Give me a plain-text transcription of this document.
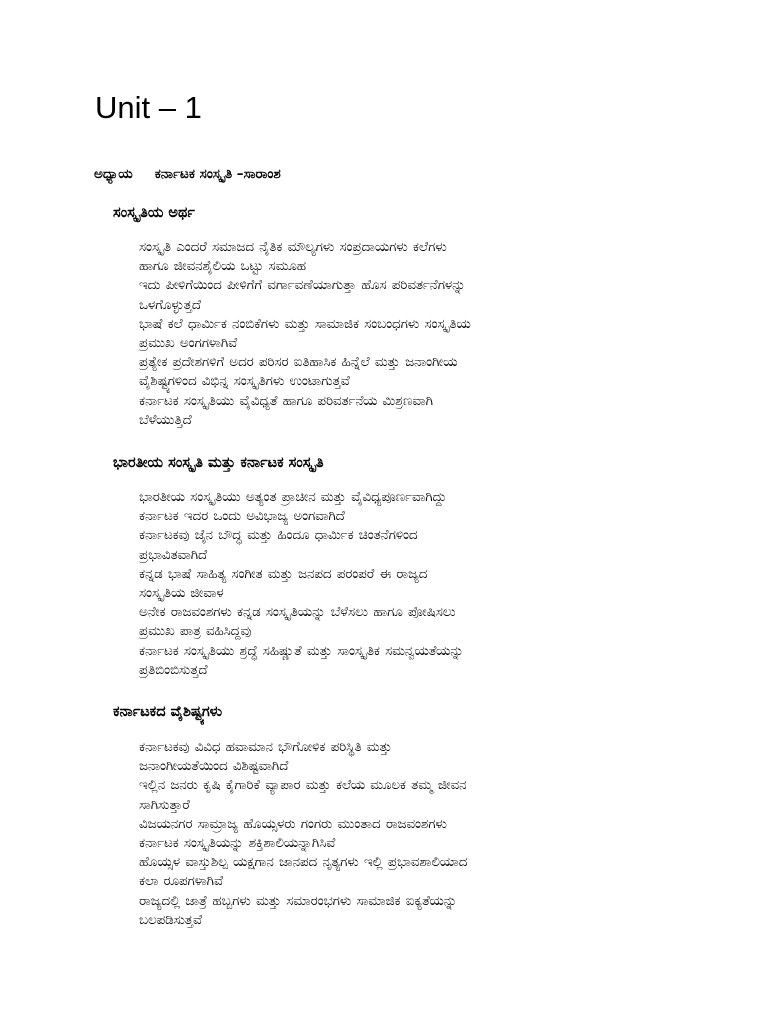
Unit – 1
ಅಧ್ಯಾಯ ಕರ್ನಾಟಕ ಸಂಸ್ಕೃತಿ –ಸಾರಾಂಶ
ಸಂಸ್ಕೃತಿಯ ಅರ್ಥ
ಸಂಸ್ಕೃತಿ ಎಂದರೆ ಸಮಾಜದ ನೈತಿಕ ಮೌಲ್ಯಗಳು ಸಂಪ್ರದಾಯಗಳು ಕಲೆಗಳು
ಹಾಗೂ ಜೀವನಶೈಲಿಯ ಒಟ್ಟು ಸಮೂಹ
ಇದು ಪೀಳಿಗೆಯಿಂದ ಪೀಳಿಗೆಗೆ ವರ್ಗಾವಣೆಯಾಗುತ್ತಾ ಹೊಸ ಪರಿವರ್ತನೆಗಳನ್ನು
ಒಳಗೊಳ್ಳುತ್ತದೆ
ಭಾಷೆ ಕಲೆ ಧಾರ್ಮಿಕ ನಂಬಿಕೆಗಳು ಮತ್ತು ಸಾಮಾಜಿಕ ಸಂಬಂಧಗಳು ಸಂಸ್ಕೃತಿಯ
ಪ್ರಮುಖ ಅಂಗಗಳಾಗಿವೆ
ಪ್ರತ್ಯೇಕ ಪ್ರದೇಶಗಳಿಗೆ ಅದರ ಪರಿಸರ ಐತಿಹಾಸಿಕ ಹಿನ್ನೆಲೆ ಮತ್ತು ಜನಾಂಗೀಯ
ವೈಶಿಷ್ಟ್ಯಗಳಿಂದ ವಿಭಿನ್ನ ಸಂಸ್ಕೃತಿಗಳು ಉಂಟಾಗುತ್ತವೆ
ಕರ್ನಾಟಕ ಸಂಸ್ಕೃತಿಯು ವೈವಿಧ್ಯತೆ ಹಾಗೂ ಪರಿವರ್ತನೆಯ ಮಿಶ್ರಣವಾಗಿ
ಬೆಳೆಯುತ್ತಿದೆ
ಭಾರತೀಯ ಸಂಸ್ಕೃತಿ ಮತ್ತು ಕರ್ನಾಟಕ ಸಂಸ್ಕೃತಿ
ಭಾರತೀಯ ಸಂಸ್ಕೃತಿಯು ಅತ್ಯಂತ ಪ್ರಾಚೀನ ಮತ್ತು ವೈವಿಧ್ಯಪೂರ್ಣವಾಗಿದ್ದು
ಕರ್ನಾಟಕ ಇದರ ಒಂದು ಅವಿಭಾಜ್ಯ ಅಂಗವಾಗಿದೆ
ಕರ್ನಾಟಕವು ಜೈನ ಬೌದ್ಧ ಮತ್ತು ಹಿಂದೂ ಧಾರ್ಮಿಕ ಚಿಂತನೆಗಳಿಂದ
ಪ್ರಭಾವಿತವಾಗಿದೆ
ಕನ್ನಡ ಭಾಷೆ ಸಾಹಿತ್ಯ ಸಂಗೀತ ಮತ್ತು ಜನಪದ ಪರಂಪರೆ ಈ ರಾಜ್ಯದ
ಸಂಸ್ಕೃತಿಯ ಜೀವಾಳ
ಅನೇಕ ರಾಜವಂಶಗಳು ಕನ್ನಡ ಸಂಸ್ಕೃತಿಯನ್ನು ಬೆಳೆಸಲು ಹಾಗೂ ಪೋಷಿಸಲು
ಪ್ರಮುಖ ಪಾತ್ರ ವಹಿಸಿದ್ದವು
ಕರ್ನಾಟಕ ಸಂಸ್ಕೃತಿಯು ಶ್ರದ್ಧೆ ಸಹಿಷ್ಣುತೆ ಮತ್ತು ಸಾಂಸ್ಕೃತಿಕ ಸಮನ್ವಯತೆಯನ್ನು
ಪ್ರತಿಬಿಂಬಿಸುತ್ತದೆ
ಕರ್ನಾಟಕದ ವೈಶಿಷ್ಟ್ಯಗಳು
ಕರ್ನಾಟಕವು ವಿವಿಧ ಹವಾಮಾನ ಭೌಗೋಳಿಕ ಪರಿಸ್ಥಿತಿ ಮತ್ತು
ಜನಾಂಗೀಯತೆಯಿಂದ ವಿಶಿಷ್ಟವಾಗಿದೆ
ಇಲ್ಲಿನ ಜನರು ಕೃಷಿ ಕೈಗಾರಿಕೆ ವ್ಯಾಪಾರ ಮತ್ತು ಕಲೆಯ ಮೂಲಕ ತಮ್ಮ ಜೀವನ
ಸಾಗಿಸುತ್ತಾರೆ
ವಿಜಯನಗರ ಸಾಮ್ರಾಜ್ಯ ಹೊಯ್ಸಳರು ಗಂಗರು ಮುಂತಾದ ರಾಜವಂಶಗಳು
ಕರ್ನಾಟಕ ಸಂಸ್ಕೃತಿಯನ್ನು ಶಕ್ತಿಶಾಲಿಯನ್ನಾಗಿಸಿವೆ
ಹೊಯ್ಸಳ ವಾಸ್ತುಶಿಲ್ಪ ಯಕ್ಷಗಾನ ಜಾನಪದ ನೃತ್ಯಗಳು ಇಲ್ಲಿ ಪ್ರಭಾವಶಾಲಿಯಾದ
ಕಲಾ ರೂಪಗಳಾಗಿವೆ
ರಾಜ್ಯದಲ್ಲಿ ಜಾತ್ರೆ ಹಬ್ಬಗಳು ಮತ್ತು ಸಮಾರಂಭಗಳು ಸಾಮಾಜಿಕ ಐಕ್ಯತೆಯನ್ನು
ಬಲಪಡಿಸುತ್ತವೆ
